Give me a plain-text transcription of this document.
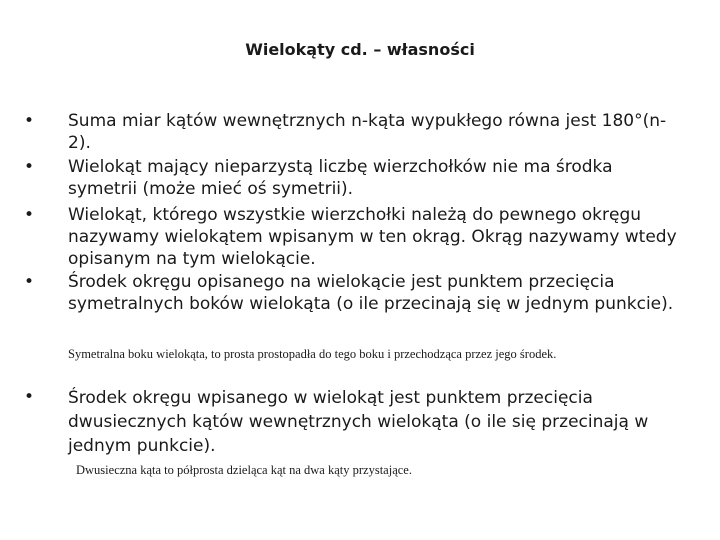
Wielokąty cd. – własności
• Suma miar kątów wewnętrznych n-kąta wypukłego równa jest 180°(n-2).
• Wielokąt mający nieparzystą liczbę wierzchołków nie ma środka symetrii (może mieć oś symetrii).
• Wielokąt, którego wszystkie wierzchołki należą do pewnego okręgu nazywamy wielokątem wpisanym w ten okrąg. Okrąg nazywamy wtedy opisanym na tym wielokącie.
• Środek okręgu opisanego na wielokącie jest punktem przecięcia symetralnych boków wielokąta (o ile przecinają się w jednym punkcie).
Symetralna boku wielokąta, to prosta prostopadła do tego boku i przechodząca przez jego środek.
• Środek okręgu wpisanego w wielokąt jest punktem przecięcia dwusiecznych kątów wewnętrznych wielokąta (o ile się przecinają w jednym punkcie).
Dwusieczna kąta to półprosta dzieląca kąt na dwa kąty przystające.
